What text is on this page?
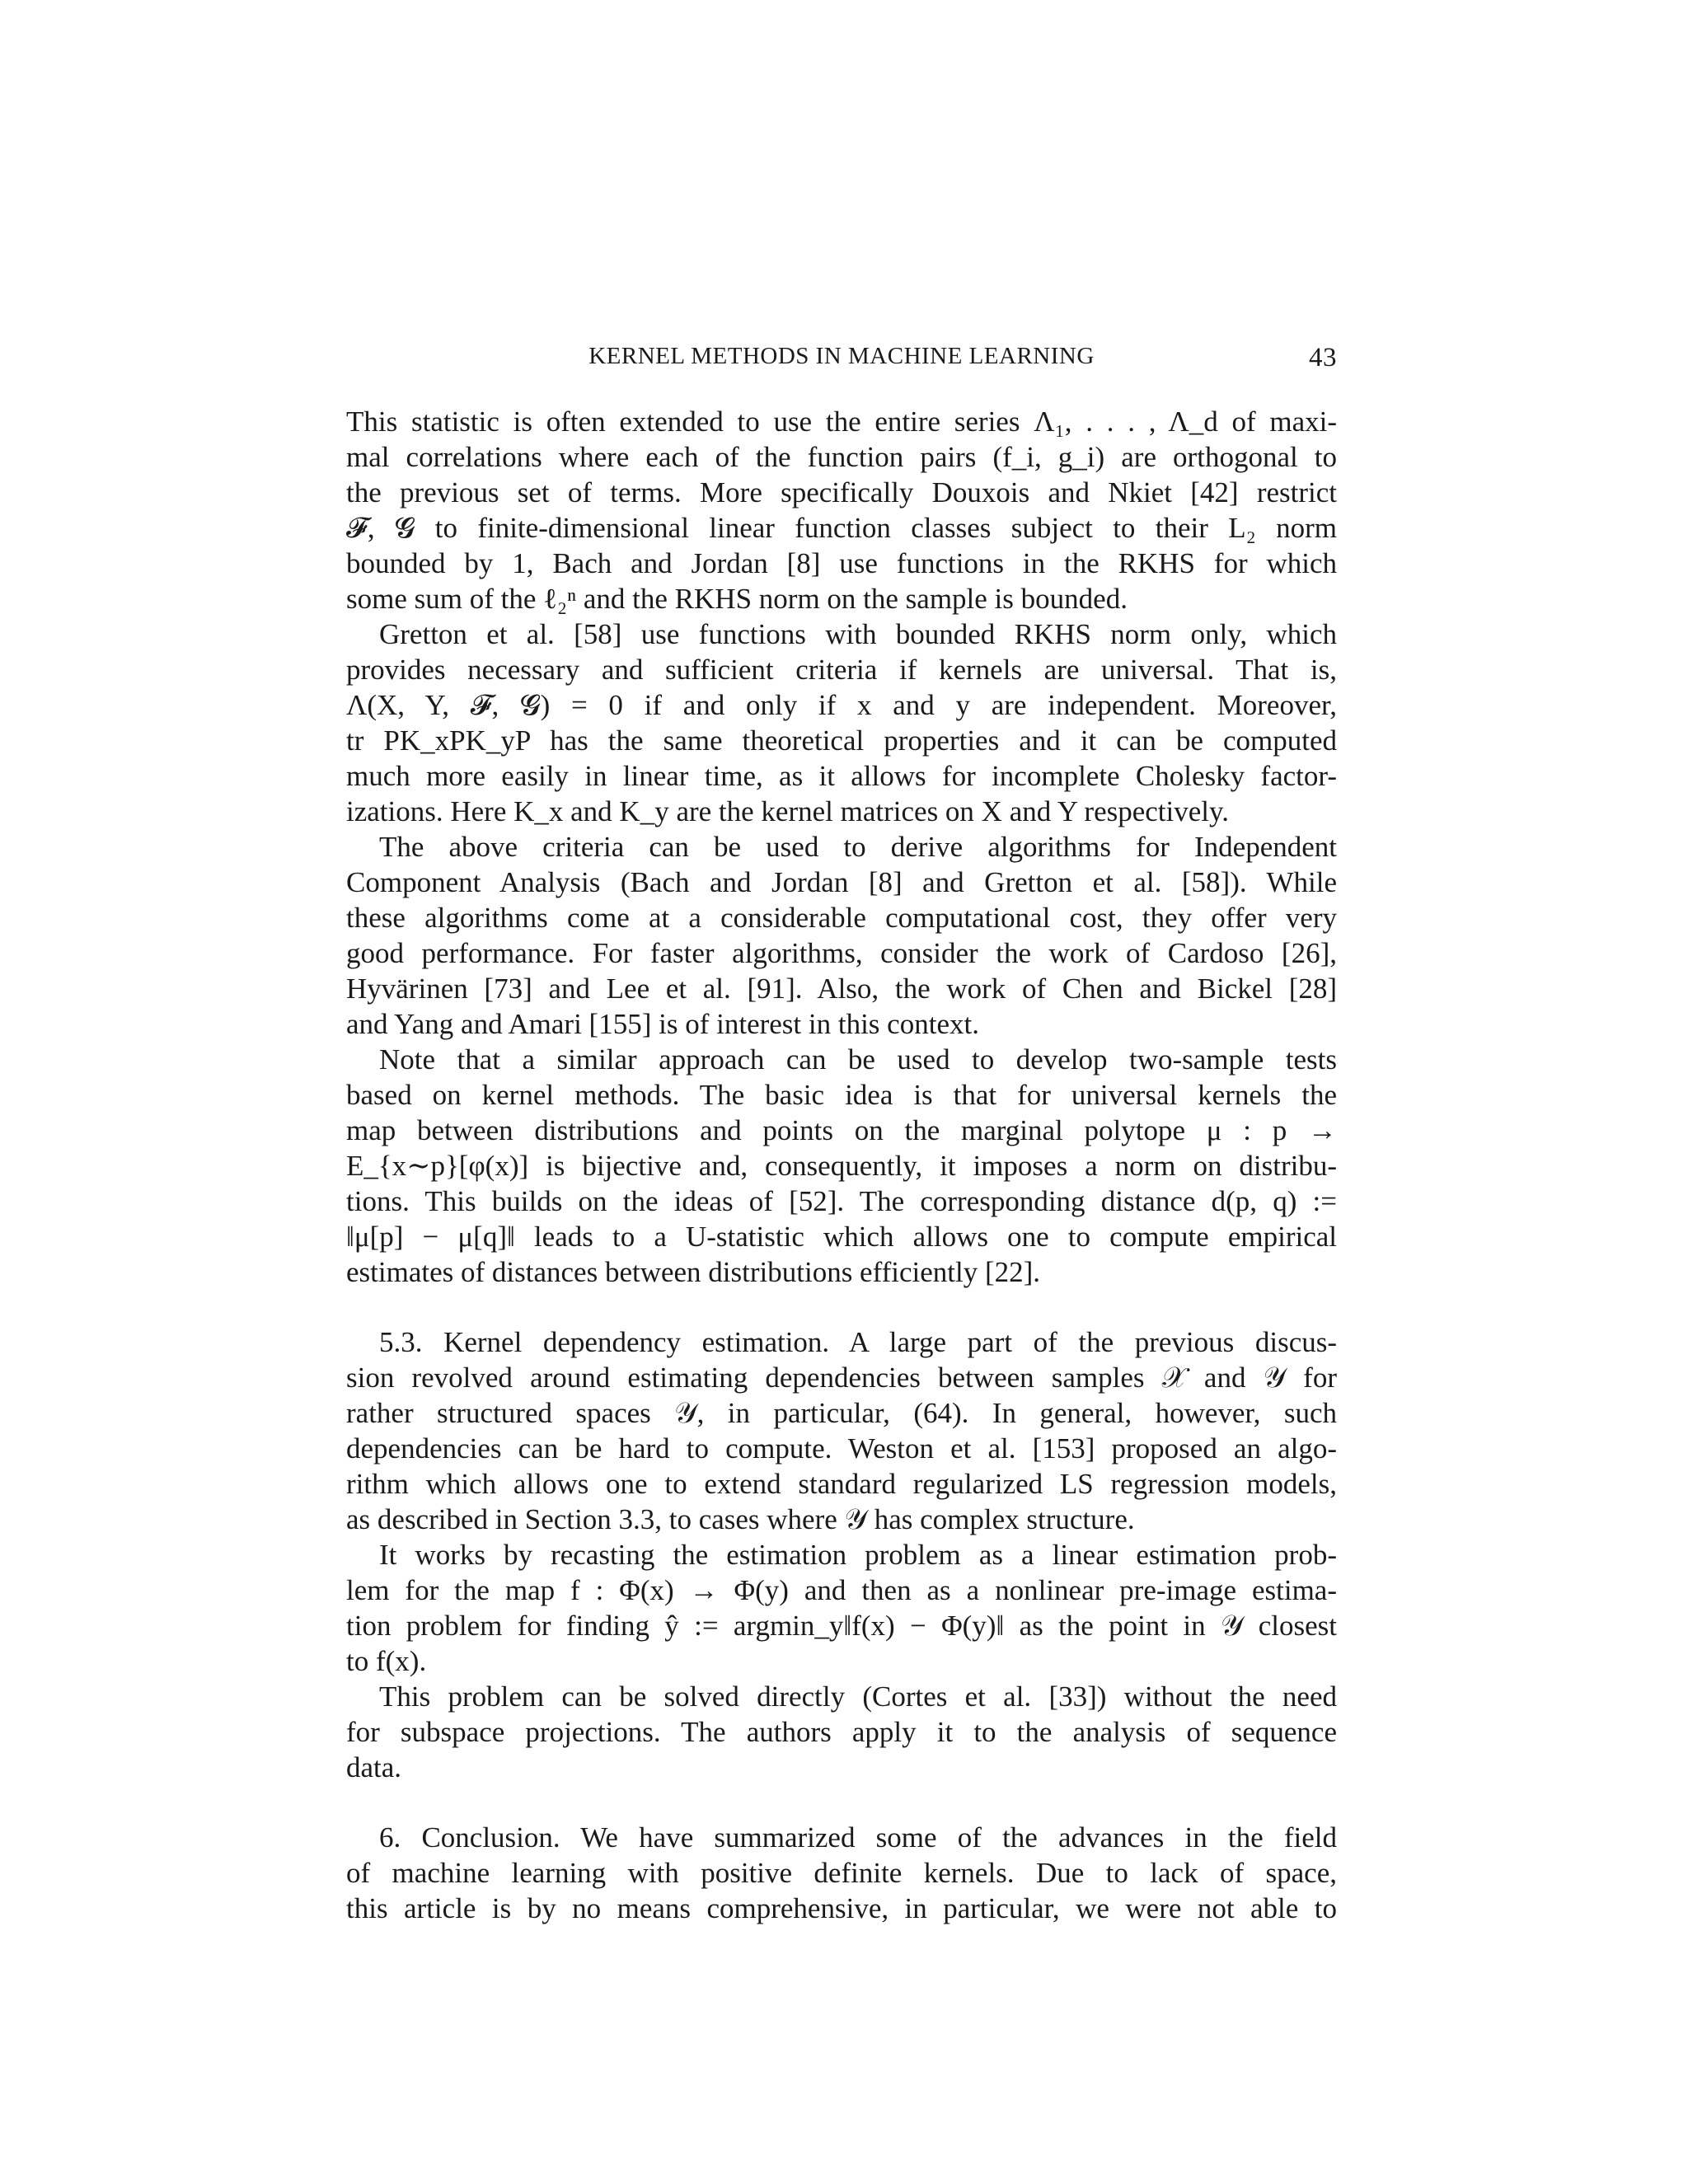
KERNEL METHODS IN MACHINE LEARNING	43
This statistic is often extended to use the entire series Λ₁, . . . , Λ_d of maxi-
mal correlations where each of the function pairs (f_i, g_i) are orthogonal to
the previous set of terms. More specifically Douxois and Nkiet [42] restrict
𝓕, 𝓖 to finite-dimensional linear function classes subject to their L₂ norm
bounded by 1, Bach and Jordan [8] use functions in the RKHS for which
some sum of the ℓ₂ⁿ and the RKHS norm on the sample is bounded.
Gretton et al. [58] use functions with bounded RKHS norm only, which
provides necessary and sufficient criteria if kernels are universal. That is,
Λ(X, Y, 𝓕, 𝓖) = 0 if and only if x and y are independent. Moreover,
tr PK_xPK_yP has the same theoretical properties and it can be computed
much more easily in linear time, as it allows for incomplete Cholesky factor-
izations. Here K_x and K_y are the kernel matrices on X and Y respectively.
The above criteria can be used to derive algorithms for Independent
Component Analysis (Bach and Jordan [8] and Gretton et al. [58]). While
these algorithms come at a considerable computational cost, they offer very
good performance. For faster algorithms, consider the work of Cardoso [26],
Hyvärinen [73] and Lee et al. [91]. Also, the work of Chen and Bickel [28]
and Yang and Amari [155] is of interest in this context.
Note that a similar approach can be used to develop two-sample tests
based on kernel methods. The basic idea is that for universal kernels the
map between distributions and points on the marginal polytope μ : p →
E_{x∼p}[φ(x)] is bijective and, consequently, it imposes a norm on distribu-
tions. This builds on the ideas of [52]. The corresponding distance d(p, q) :=
‖μ[p] − μ[q]‖ leads to a U-statistic which allows one to compute empirical
estimates of distances between distributions efficiently [22].
5.3. Kernel dependency estimation. A large part of the previous discus-
sion revolved around estimating dependencies between samples 𝒳 and 𝒴 for
rather structured spaces 𝒴, in particular, (64). In general, however, such
dependencies can be hard to compute. Weston et al. [153] proposed an algo-
rithm which allows one to extend standard regularized LS regression models,
as described in Section 3.3, to cases where 𝒴 has complex structure.
It works by recasting the estimation problem as a linear estimation prob-
lem for the map f : Φ(x) → Φ(y) and then as a nonlinear pre-image estima-
tion problem for finding ŷ := argmin_y‖f(x) − Φ(y)‖ as the point in 𝒴 closest
to f(x).
This problem can be solved directly (Cortes et al. [33]) without the need
for subspace projections. The authors apply it to the analysis of sequence
data.
6. Conclusion. We have summarized some of the advances in the field
of machine learning with positive definite kernels. Due to lack of space,
this article is by no means comprehensive, in particular, we were not able to
